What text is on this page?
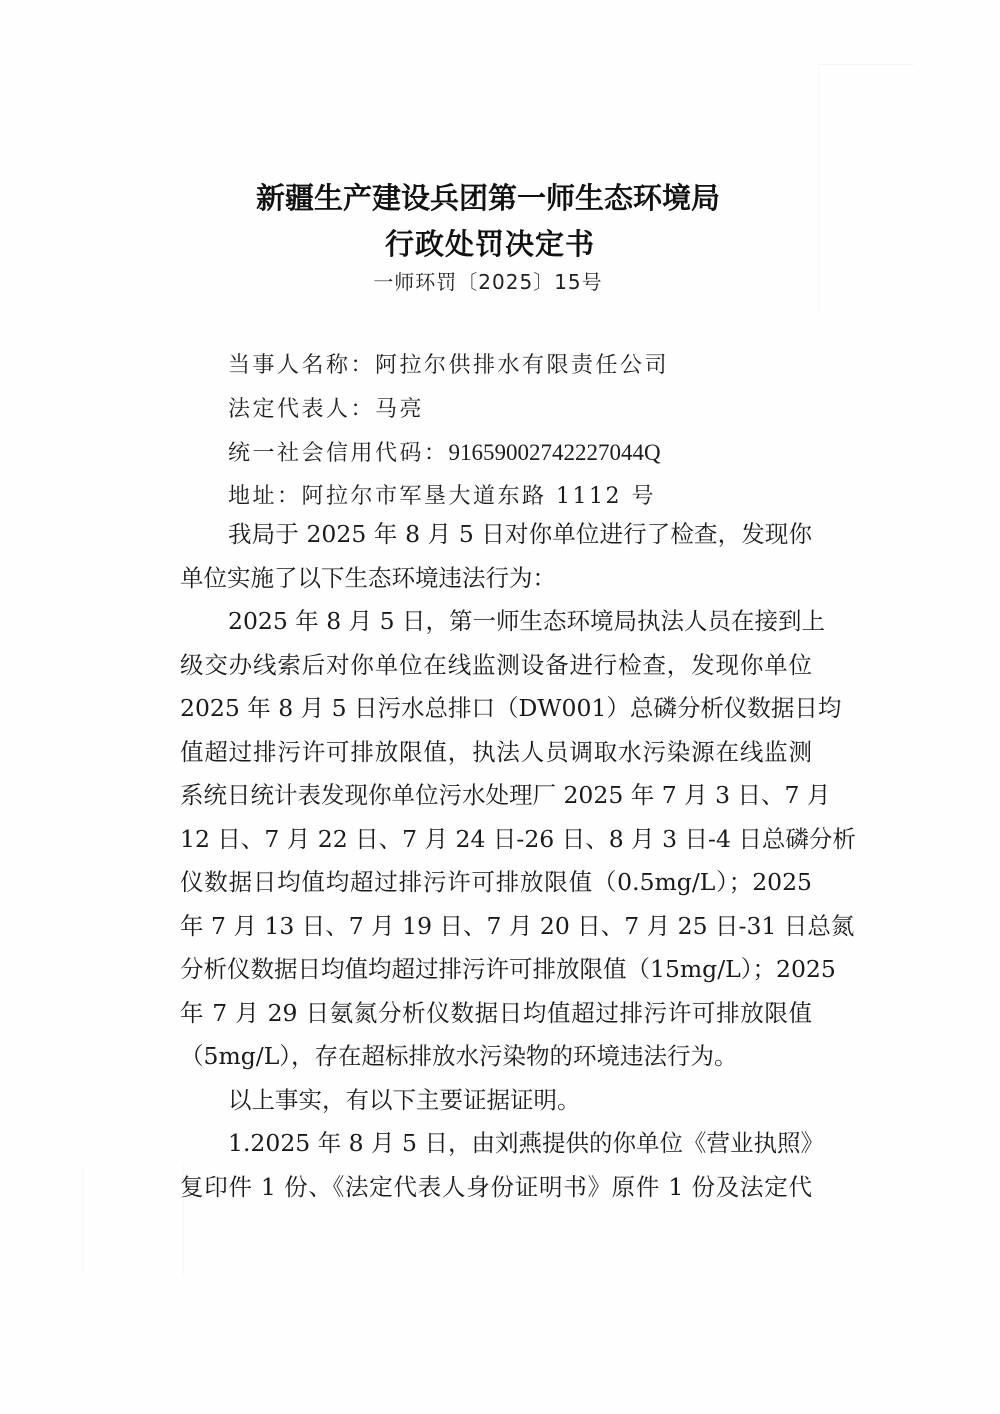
新疆生产建设兵团第一师生态环境局
行政处罚决定书
一师环罚〔2025〕15号
当事人名称：阿拉尔供排水有限责任公司
法定代表人：马亮
统一社会信用代码：91659002742227044Q
地址：阿拉尔市军垦大道东路 1112 号
我局于 2025 年 8 月 5 日对你单位进行了检查，发现你
单位实施了以下生态环境违法行为：
2025 年 8 月 5 日，第一师生态环境局执法人员在接到上
级交办线索后对你单位在线监测设备进行检查，发现你单位
2025 年 8 月 5 日污水总排口（DW001）总磷分析仪数据日均
值超过排污许可排放限值，执法人员调取水污染源在线监测
系统日统计表发现你单位污水处理厂 2025 年 7 月 3 日、7 月
12 日、7 月 22 日、7 月 24 日-26 日、8 月 3 日-4 日总磷分析
仪数据日均值均超过排污许可排放限值（0.5mg/L）；2025
年 7 月 13 日、7 月 19 日、7 月 20 日、7 月 25 日-31 日总氮
分析仪数据日均值均超过排污许可排放限值（15mg/L）；2025
年 7 月 29 日氨氮分析仪数据日均值超过排污许可排放限值
（5mg/L），存在超标排放水污染物的环境违法行为。
以上事实，有以下主要证据证明。
1.2025 年 8 月 5 日，由刘燕提供的你单位《营业执照》
复印件 1 份、《法定代表人身份证明书》原件 1 份及法定代
